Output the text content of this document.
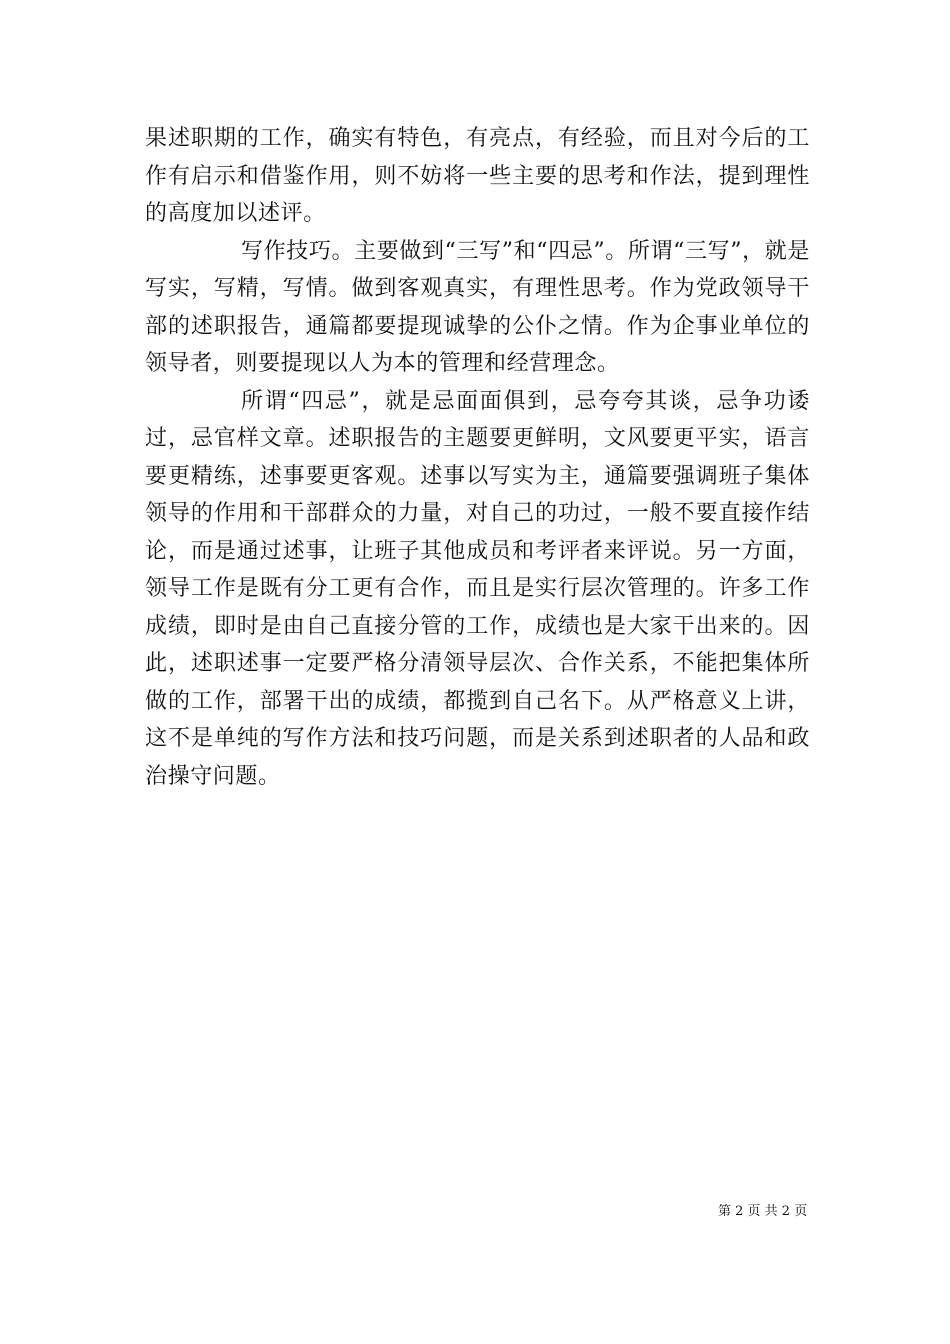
果述职期的工作，确实有特色，有亮点，有经验，而且对今后的工作有启示和借鉴作用，则不妨将一些主要的思考和作法，提到理性的高度加以述评。

写作技巧。主要做到“三写”和“四忌”。所谓“三写”，就是写实，写精，写情。做到客观真实，有理性思考。作为党政领导干部的述职报告，通篇都要提现诚挚的公仆之情。作为企事业单位的领导者，则要提现以人为本的管理和经营理念。

所谓“四忌”，就是忌面面俱到，忌夸夸其谈，忌争功诿过，忌官样文章。述职报告的主题要更鲜明，文风要更平实，语言要更精练，述事要更客观。述事以写实为主，通篇要强调班子集体领导的作用和干部群众的力量，对自己的功过，一般不要直接作结论，而是通过述事，让班子其他成员和考评者来评说。另一方面，领导工作是既有分工更有合作，而且是实行层次管理的。许多工作成绩，即时是由自己直接分管的工作，成绩也是大家干出来的。因此，述职述事一定要严格分清领导层次、合作关系，不能把集体所做的工作，部署干出的成绩，都揽到自己名下。从严格意义上讲，这不是单纯的写作方法和技巧问题，而是关系到述职者的人品和政治操守问题。

第 2 页 共 2 页
